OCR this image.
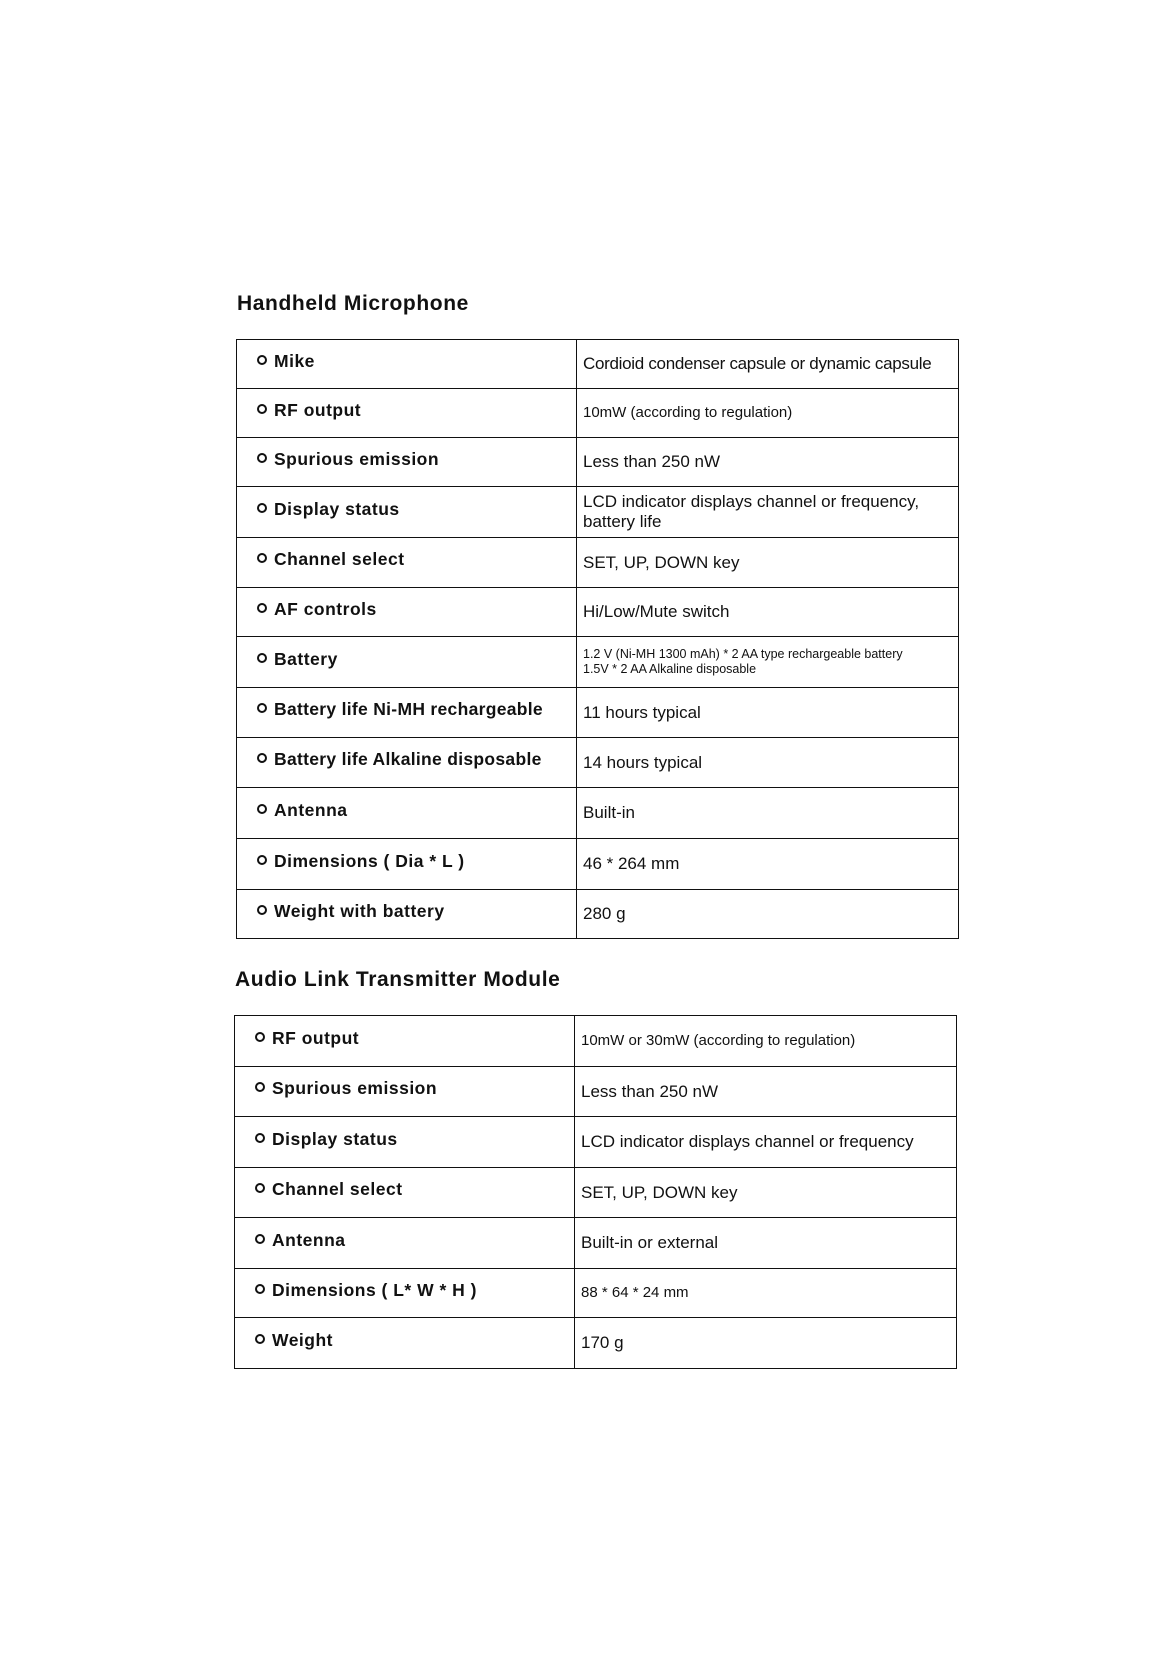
Handheld Microphone
Mike	Cordioid condenser capsule or dynamic capsule
RF output	10mW (according to regulation)
Spurious emission	Less than 250 nW
Display status	LCD indicator displays channel or frequency, battery life
Channel select	SET, UP, DOWN key
AF controls	Hi/Low/Mute switch
Battery	1.2 V (Ni-MH 1300 mAh) * 2 AA type rechargeable battery
1.5V * 2 AA Alkaline disposable

Battery life Ni-MH rechargeable	11 hours typical
Battery life Alkaline disposable	14 hours typical
Antenna	Built-in
Dimensions ( Dia * L )	46 * 264 mm
Weight with battery	280 g
Audio Link Transmitter Module
RF output	10mW or 30mW (according to regulation)
Spurious emission	Less than 250 nW
Display status	LCD indicator displays channel or frequency
Channel select	SET, UP, DOWN key
Antenna	Built-in or external
Dimensions ( L* W * H )	88 * 64 * 24 mm
Weight	170 g
